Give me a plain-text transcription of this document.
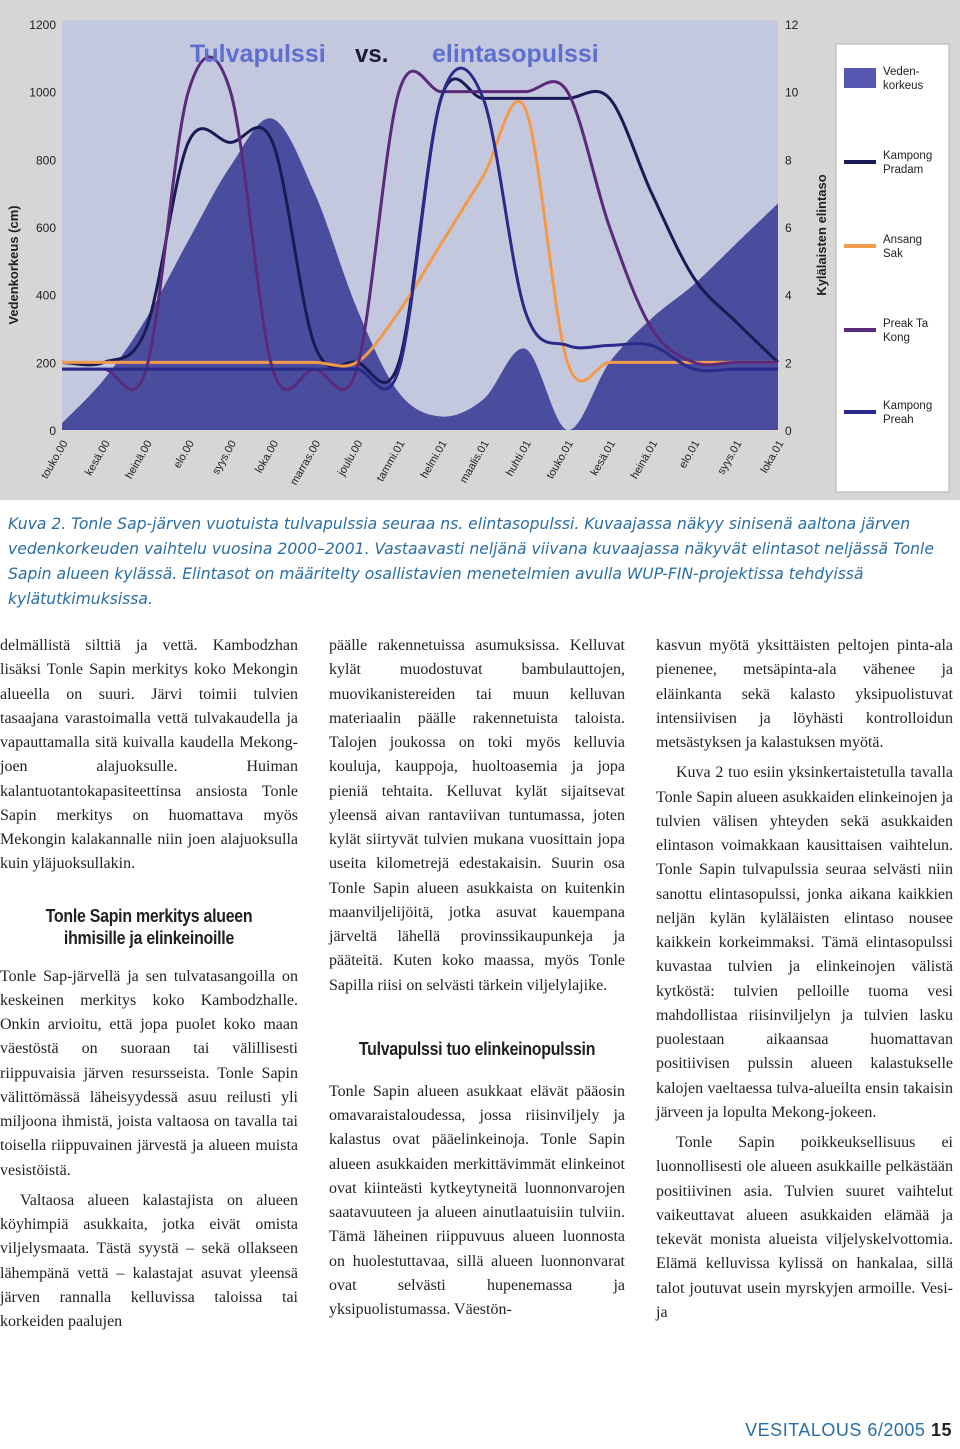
Veden-korkeus
Kampong Pradam
Ansang Sak
Preak Ta Kong
Kampong Preah
Tulvapulssi vs. elintasopulssi
Vedenkorkeus (cm)	Kylälaisten elintaso
0
200
400
600
800
1000
1200
0
2
4
6
8
10
12
touko.00 kesä.00 heinä.00 elo.00 syys.00 loka.00 marras.00 joulu.00 tammi.01 helmi.01 maalis.01 huhti.01 touko.01 kesä.01 heinä.01 elo.01 syys.01 loka.01
Kuva 2. Tonle Sap-järven vuotuista tulvapulssia seuraa ns. elintasopulssi. Kuvaajassa näkyy sinisenä aaltona järven vedenkorkeuden vaihtelu vuosina 2000–2001. Vastaavasti neljänä viivana kuvaajassa näkyvät elintasot neljässä Tonle Sapin alueen kylässä. Elintasot on määritelty osallistavien menetelmien avulla WUP-FIN-projektissa tehdyissä kylätutkimuksissa.

delmällistä silttiä ja vettä. Kambodzhan lisäksi Tonle Sapin merkitys koko Mekongin alueella on suuri. Järvi toimii tulvien tasaajana varastoimalla vettä tulvakaudella ja vapauttamalla sitä kuivalla kaudella Mekong-joen alajuoksulle. Huiman kalantuotantokapasiteettinsa ansiosta Tonle Sapin merkitys on huomattava myös Mekongin kalakannalle niin joen alajuoksulla kuin yläjuoksullakin.

Tonle Sapin merkitys alueen ihmisille ja elinkeinoille

Tonle Sap-järvellä ja sen tulvatasangoilla on keskeinen merkitys koko Kambodzhalle. Onkin arvioitu, että jopa puolet koko maan väestöstä on suoraan tai välillisesti riippuvaisia järven resursseista. Tonle Sapin välittömässä läheisyydessä asuu reilusti yli miljoona ihmistä, joista valtaosa on tavalla tai toisella riippuvainen järvestä ja alueen muista vesistöistä.

Valtaosa alueen kalastajista on alueen köyhimpiä asukkaita, jotka eivät omista viljelysmaata. Tästä syystä – sekä ollakseen lähempänä vettä – kalastajat asuvat yleensä järven rannalla kelluvissa taloissa tai korkeiden paalujen

päälle rakennetuissa asumuksissa. Kelluvat kylät muodostuvat bambulauttojen, muovikanistereiden tai muun kelluvan materiaalin päälle rakennetuista taloista. Talojen joukossa on toki myös kelluvia kouluja, kauppoja, huoltoasemia ja jopa pieniä tehtaita. Kelluvat kylät sijaitsevat yleensä aivan rantaviivan tuntumassa, joten kylät siirtyvät tulvien mukana vuosittain jopa useita kilometrejä edestakaisin. Suurin osa Tonle Sapin alueen asukkaista on kuitenkin maanviljelijöitä, jotka asuvat kauempana järveltä lähellä provinssikaupunkeja ja pääteitä. Kuten koko maassa, myös Tonle Sapilla riisi on selvästi tärkein viljelylajike.

Tulvapulssi tuo elinkeinopulssin

Tonle Sapin alueen asukkaat elävät pääosin omavaraistaloudessa, jossa riisinviljely ja kalastus ovat pääelinkeinoja. Tonle Sapin alueen asukkaiden merkittävimmät elinkeinot ovat kiinteästi kytkeytyneitä luonnonvarojen saatavuuteen ja alueen ainutlaatuisiin tulviin. Tämä läheinen riippuvuus alueen luonnosta on huolestuttavaa, sillä alueen luonnonvarat ovat selvästi hupenemassa ja yksipuolistumassa. Väestön-

kasvun myötä yksittäisten peltojen pinta-ala pienenee, metsäpinta-ala vähenee ja eläinkanta sekä kalasto yksipuolistuvat intensiivisen ja löyhästi kontrolloidun metsästyksen ja kalastuksen myötä.

Kuva 2 tuo esiin yksinkertaistetulla tavalla Tonle Sapin alueen asukkaiden elinkeinojen ja tulvien välisen yhteyden sekä asukkaiden elintason voimakkaan kausittaisen vaihtelun. Tonle Sapin tulvapulssia seuraa selvästi niin sanottu elintasopulssi, jonka aikana kaikkien neljän kylän kyläläisten elintaso nousee kaikkein korkeimmaksi. Tämä elintasopulssi kuvastaa tulvien ja elinkeinojen välistä kytköstä: tulvien pelloille tuoma vesi mahdollistaa riisinviljelyn ja tulvien lasku puolestaan aikaansaa huomattavan positiivisen pulssin alueen kalastukselle kalojen vaeltaessa tulva-alueilta ensin takaisin järveen ja lopulta Mekong-jokeen.

Tonle Sapin poikkeuksellisuus ei luonnollisesti ole alueen asukkaille pelkästään positiivinen asia. Tulvien suuret vaihtelut vaikeuttavat alueen asukkaiden elämää ja tekevät monista alueista viljelyskelvottomia. Elämä kelluvissa kylissä on hankalaa, sillä talot joutuvat usein myrskyjen armoille. Vesi- ja

VESITALOUS 6/2005 15
